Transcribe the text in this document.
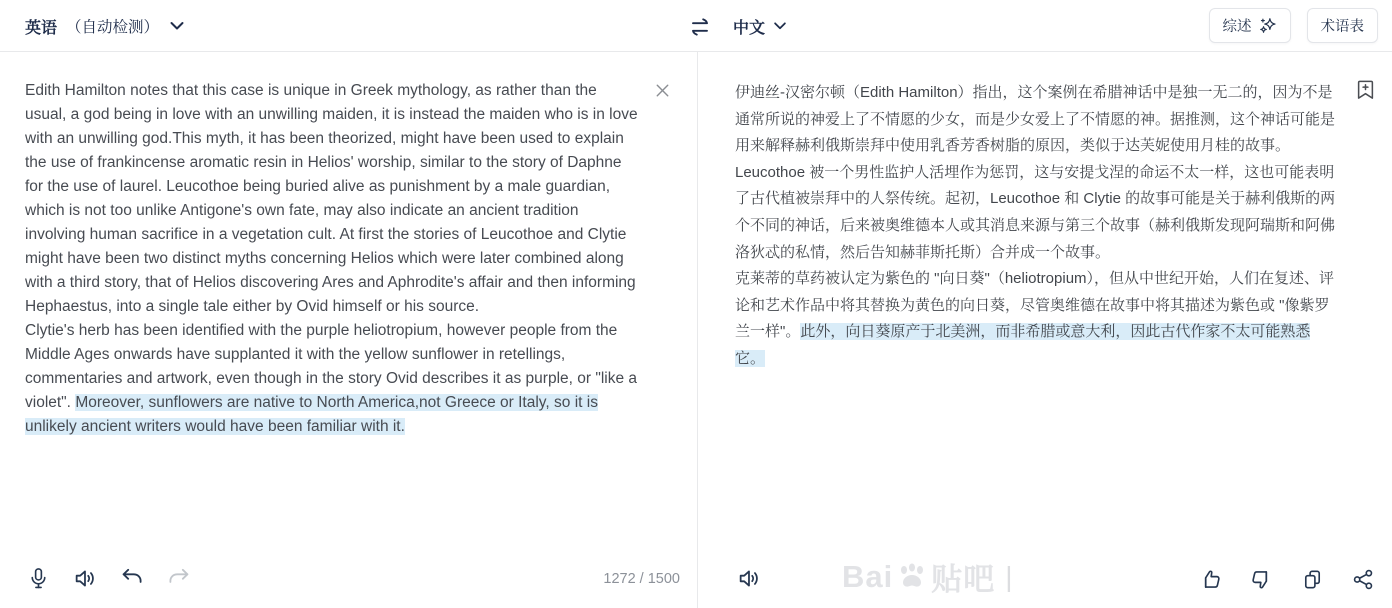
英语 （自动检测）	中文	综述	术语表
Edith Hamilton notes that this case is unique in Greek mythology, as rather than the usual, a god being in love with an unwilling maiden, it is instead the maiden who is in love with an unwilling god.This myth, it has been theorized, might have been used to explain the use of frankincense aromatic resin in Helios' worship, similar to the story of Daphne for the use of laurel. Leucothoe being buried alive as punishment by a male guardian, which is not too unlike Antigone's own fate, may also indicate an ancient tradition involving human sacrifice in a vegetation cult. At first the stories of Leucothoe and Clytie might have been two distinct myths concerning Helios which were later combined along with a third story, that of Helios discovering Ares and Aphrodite's affair and then informing Hephaestus, into a single tale either by Ovid himself or his source.
Clytie's herb has been identified with the purple heliotropium, however people from the Middle Ages onwards have supplanted it with the yellow sunflower in retellings, commentaries and artwork, even though in the story Ovid describes it as purple, or "like a violet". Moreover, sunflowers are native to North America,not Greece or Italy, so it is unlikely ancient writers would have been familiar with it.
1272 / 1500
伊迪丝-汉密尔顿（Edith Hamilton）指出，这个案例在希腊神话中是独一无二的，因为不是通常所说的神爱上了不情愿的少女，而是少女爱上了不情愿的神。据推测，这个神话可能是用来解释赫利俄斯崇拜中使用乳香芳香树脂的原因，类似于达芙妮使用月桂的故事。Leucothoe 被一个男性监护人活埋作为惩罚，这与安提戈涅的命运不太一样，这也可能表明了古代植被崇拜中的人祭传统。起初，Leucothoe 和 Clytie 的故事可能是关于赫利俄斯的两个不同的神话，后来被奥维德本人或其消息来源与第三个故事（赫利俄斯发现阿瑞斯和阿佛洛狄忒的私情，然后告知赫菲斯托斯）合并成一个故事。
克莱蒂的草药被认定为紫色的 "向日葵"（heliotropium），但从中世纪开始，人们在复述、评论和艺术作品中将其替换为黄色的向日葵，尽管奥维德在故事中将其描述为紫色或 "像紫罗兰一样"。此外，向日葵原产于北美洲，而非希腊或意大利，因此古代作家不太可能熟悉它。
Bai 贴吧 |
